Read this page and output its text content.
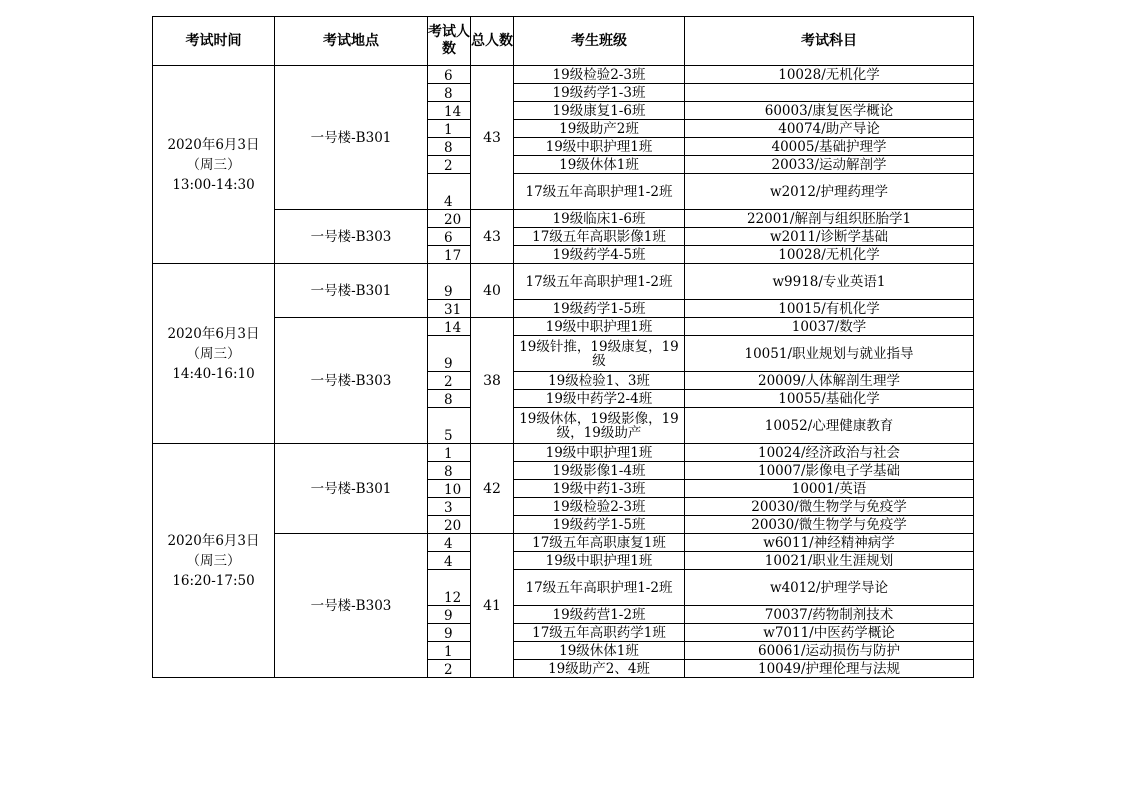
考试时间	考试地点	考试人数	总人数	考生班级	考试科目

2020年6月3日
（周三）
13:00-14:30	一号楼-B301	6	43	19级检验2-3班	10028/无机化学
		8		19级药学1-3班	
		14		19级康复1-6班	60003/康复医学概论
		1		19级助产2班	40074/助产导论
		8		19级中职护理1班	40005/基础护理学
		2		19级休体1班	20033/运动解剖学
		4		17级五年高职护理1-2班	w2012/护理药理学
	一号楼-B303	20	43	19级临床1-6班	22001/解剖与组织胚胎学1
		6		17级五年高职影像1班	w2011/诊断学基础
		17		19级药学4-5班	10028/无机化学

2020年6月3日
（周三）
14:40-16:10	一号楼-B301	9	40	17级五年高职护理1-2班	w9918/专业英语1
		31		19级药学1-5班	10015/有机化学
	一号楼-B303	14	38	19级中职护理1班	10037/数学
		9		19级针推，19级康复，19级	10051/职业规划与就业指导
		2		19级检验1、3班	20009/人体解剖生理学
		8		19级中药学2-4班	10055/基础化学
		5		19级休体，19级影像，19级，19级助产	10052/心理健康教育

2020年6月3日
（周三）
16:20-17:50	一号楼-B301	1	42	19级中职护理1班	10024/经济政治与社会
		8		19级影像1-4班	10007/影像电子学基础
		10		19级中药1-3班	10001/英语
		3		19级检验2-3班	20030/微生物学与免疫学
		20		19级药学1-5班	20030/微生物学与免疫学
	一号楼-B303	4	41	17级五年高职康复1班	w6011/神经精神病学
		4		19级中职护理1班	10021/职业生涯规划
		12		17级五年高职护理1-2班	w4012/护理学导论
		9		19级药营1-2班	70037/药物制剂技术
		9		17级五年高职药学1班	w7011/中医药学概论
		1		19级休体1班	60061/运动损伤与防护
		2		19级助产2、4班	10049/护理伦理与法规
